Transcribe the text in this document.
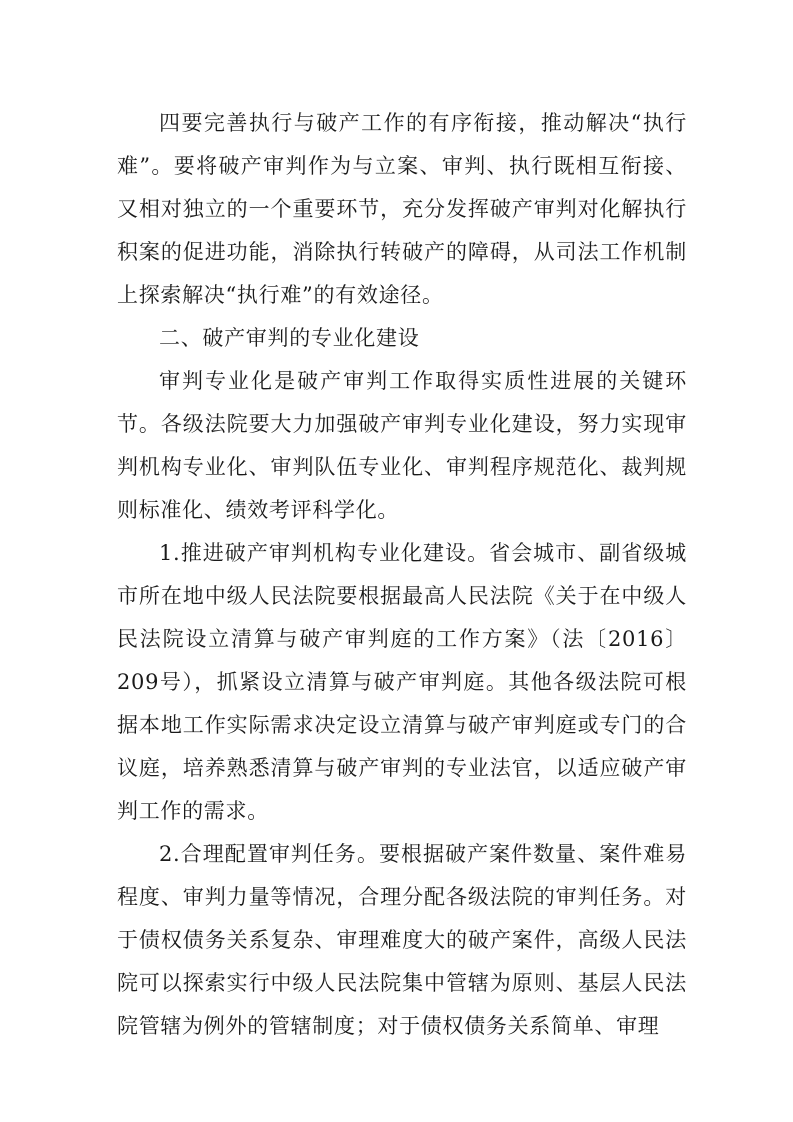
四要完善执行与破产工作的有序衔接，推动解决“执行难”。要将破产审判作为与立案、审判、执行既相互衔接、又相对独立的一个重要环节，充分发挥破产审判对化解执行积案的促进功能，消除执行转破产的障碍，从司法工作机制上探索解决“执行难”的有效途径。

二、破产审判的专业化建设

审判专业化是破产审判工作取得实质性进展的关键环节。各级法院要大力加强破产审判专业化建设，努力实现审判机构专业化、审判队伍专业化、审判程序规范化、裁判规则标准化、绩效考评科学化。

1.推进破产审判机构专业化建设。省会城市、副省级城市所在地中级人民法院要根据最高人民法院《关于在中级人民法院设立清算与破产审判庭的工作方案》（法〔2016〕209号），抓紧设立清算与破产审判庭。其他各级法院可根据本地工作实际需求决定设立清算与破产审判庭或专门的合议庭，培养熟悉清算与破产审判的专业法官，以适应破产审判工作的需求。

2.合理配置审判任务。要根据破产案件数量、案件难易程度、审判力量等情况，合理分配各级法院的审判任务。对于债权债务关系复杂、审理难度大的破产案件，高级人民法院可以探索实行中级人民法院集中管辖为原则、基层人民法院管辖为例外的管辖制度；对于债权债务关系简单、审理
